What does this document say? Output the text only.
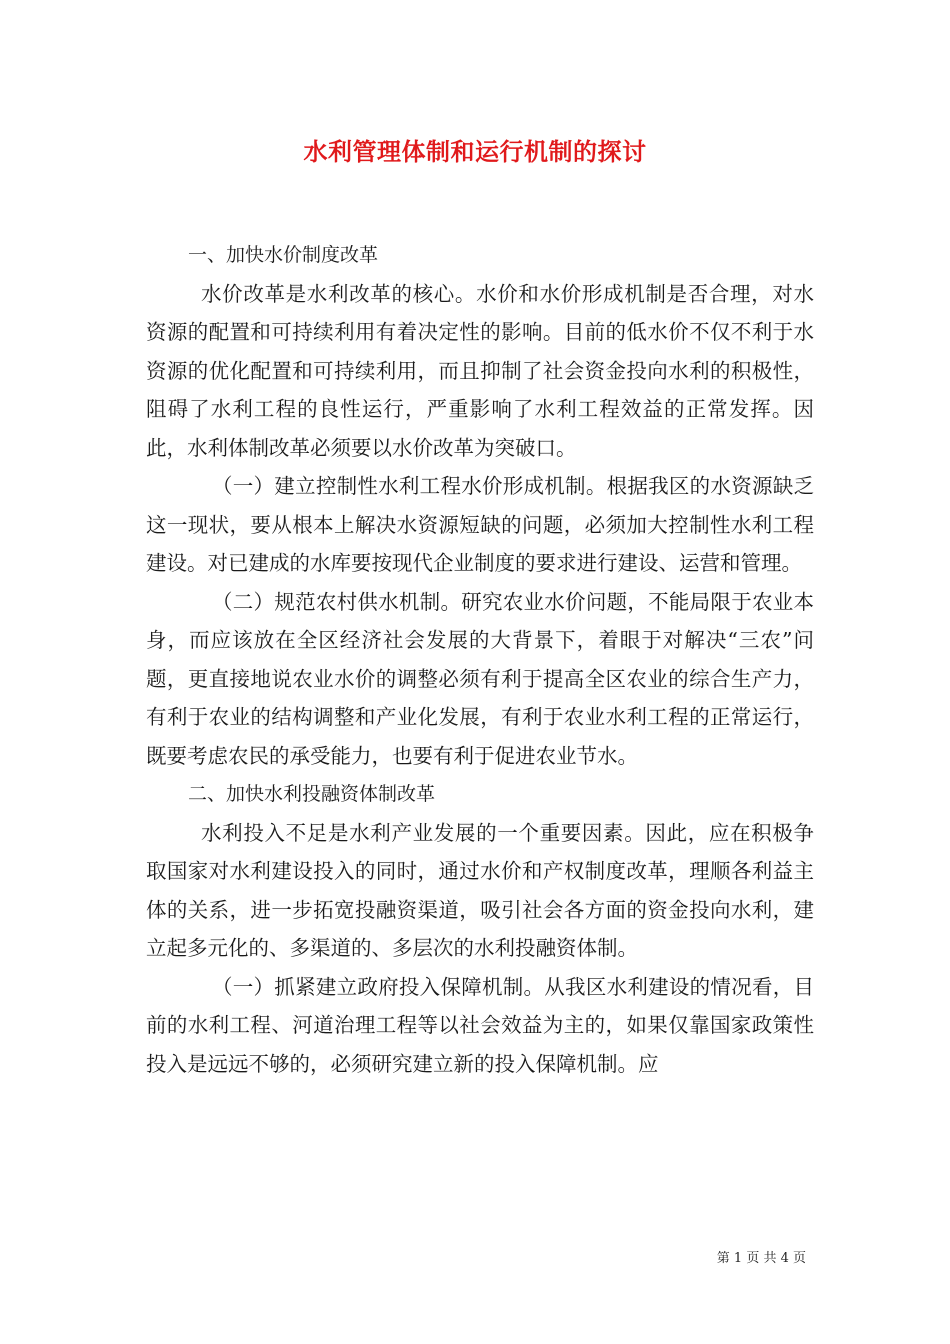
水利管理体制和运行机制的探讨

一、加快水价制度改革

水价改革是水利改革的核心。水价和水价形成机制是否合理，对水资源的配置和可持续利用有着决定性的影响。目前的低水价不仅不利于水资源的优化配置和可持续利用，而且抑制了社会资金投向水利的积极性，阻碍了水利工程的良性运行，严重影响了水利工程效益的正常发挥。因此，水利体制改革必须要以水价改革为突破口。

（一）建立控制性水利工程水价形成机制。根据我区的水资源缺乏这一现状，要从根本上解决水资源短缺的问题，必须加大控制性水利工程建设。对已建成的水库要按现代企业制度的要求进行建设、运营和管理。

（二）规范农村供水机制。研究农业水价问题，不能局限于农业本身，而应该放在全区经济社会发展的大背景下，着眼于对解决“三农”问题，更直接地说农业水价的调整必须有利于提高全区农业的综合生产力，有利于农业的结构调整和产业化发展，有利于农业水利工程的正常运行，既要考虑农民的承受能力，也要有利于促进农业节水。

二、加快水利投融资体制改革

水利投入不足是水利产业发展的一个重要因素。因此，应在积极争取国家对水利建设投入的同时，通过水价和产权制度改革，理顺各利益主体的关系，进一步拓宽投融资渠道，吸引社会各方面的资金投向水利，建立起多元化的、多渠道的、多层次的水利投融资体制。

（一）抓紧建立政府投入保障机制。从我区水利建设的情况看，目前的水利工程、河道治理工程等以社会效益为主的，如果仅靠国家政策性投入是远远不够的，必须研究建立新的投入保障机制。应

第 1 页 共 4 页
